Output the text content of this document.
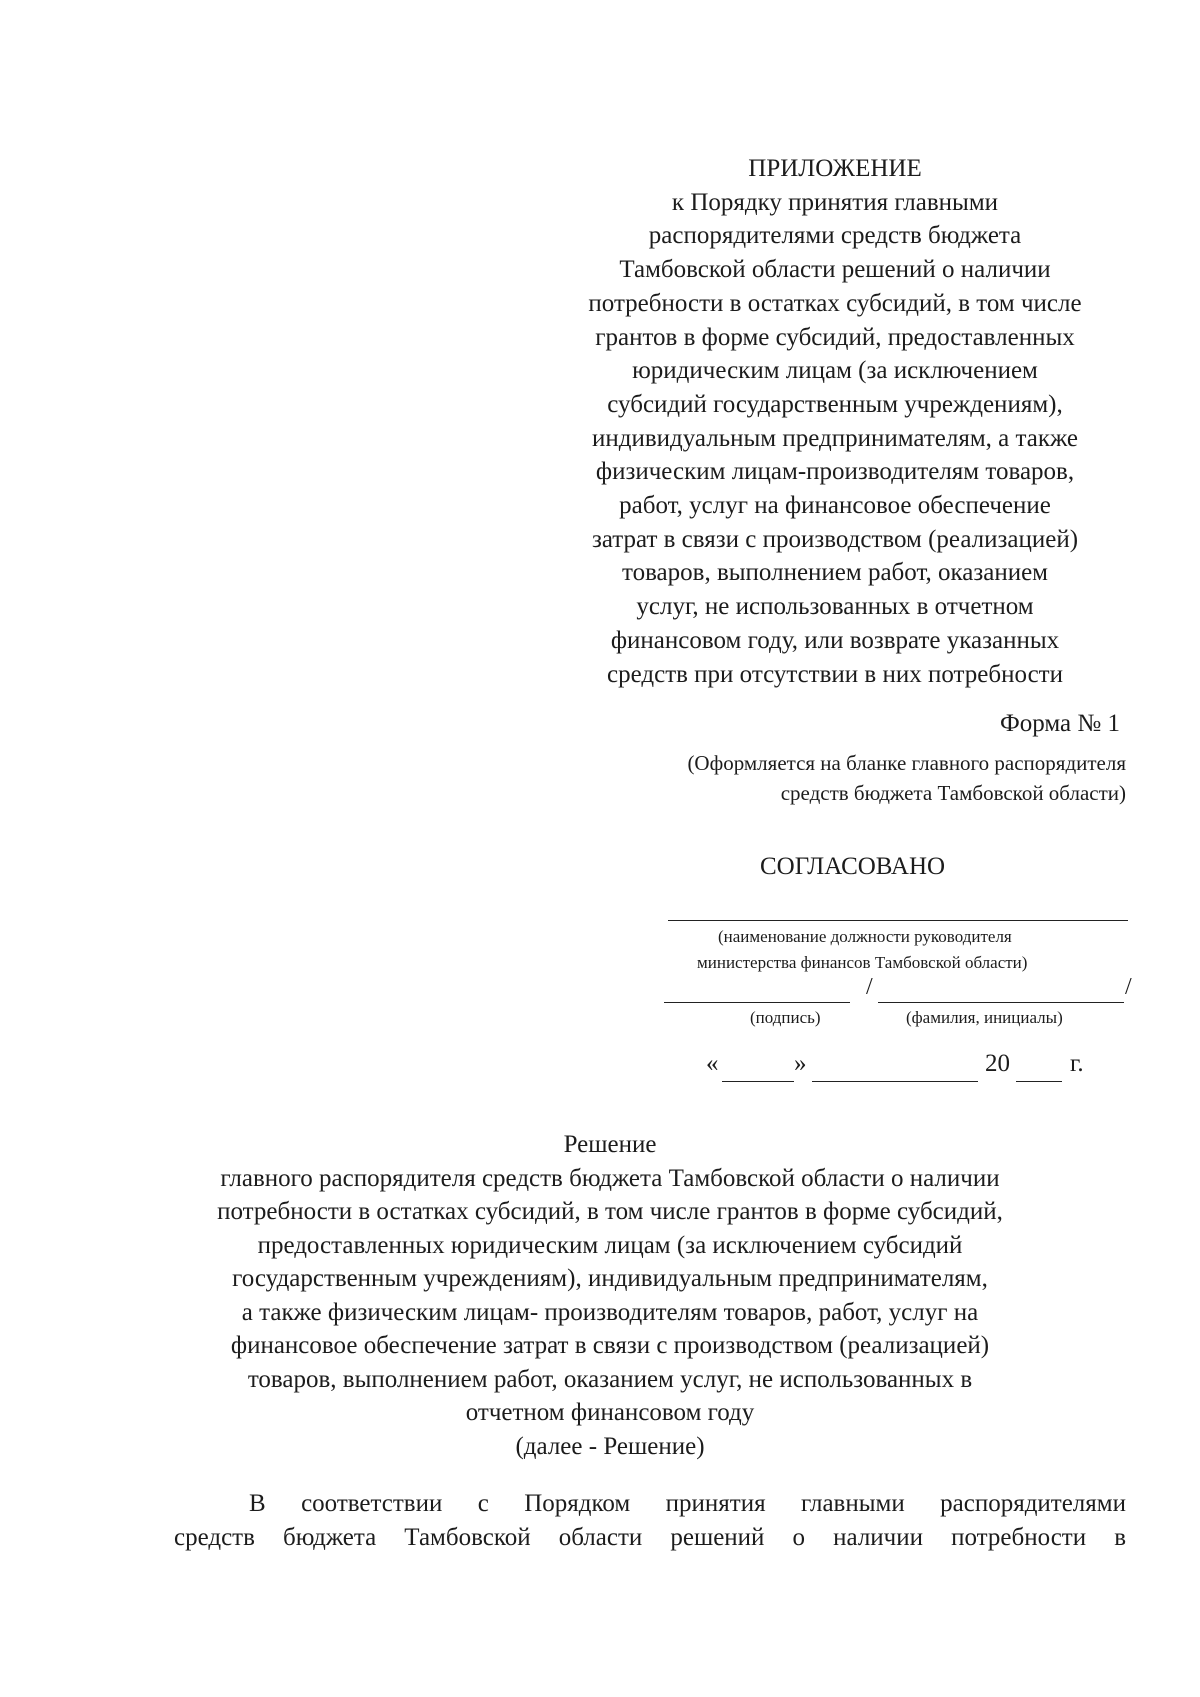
ПРИЛОЖЕНИЕ
к Порядку принятия главными
распорядителями средств бюджета
Тамбовской области решений о наличии
потребности в остатках субсидий, в том числе
грантов в форме субсидий, предоставленных
юридическим лицам (за исключением
субсидий государственным учреждениям),
индивидуальным предпринимателям, а также
физическим лицам-производителям товаров,
работ, услуг на финансовое обеспечение
затрат в связи с производством (реализацией)
товаров, выполнением работ, оказанием
услуг, не использованных в отчетном
финансовом году, или возврате указанных
средств при отсутствии в них потребности
Форма № 1
(Оформляется на бланке главного распорядителя
средств бюджета Тамбовской области)
СОГЛАСОВАНО
(наименование должности руководителя
министерства финансов Тамбовской области)
/	/
(подпись)	(фамилия, инициалы)
«	»	20 г.
Решение
главного распорядителя средств бюджета Тамбовской области о наличии
потребности в остатках субсидий, в том числе грантов в форме субсидий,
предоставленных юридическим лицам (за исключением субсидий
государственным учреждениям), индивидуальным предпринимателям,
а также физическим лицам- производителям товаров, работ, услуг на
финансовое обеспечение затрат в связи с производством (реализацией)
товаров, выполнением работ, оказанием услуг, не использованных в
отчетном финансовом году
(далее - Решение)
В соответствии с Порядком принятия главными распорядителями
средств бюджета Тамбовской области решений о наличии потребности в
